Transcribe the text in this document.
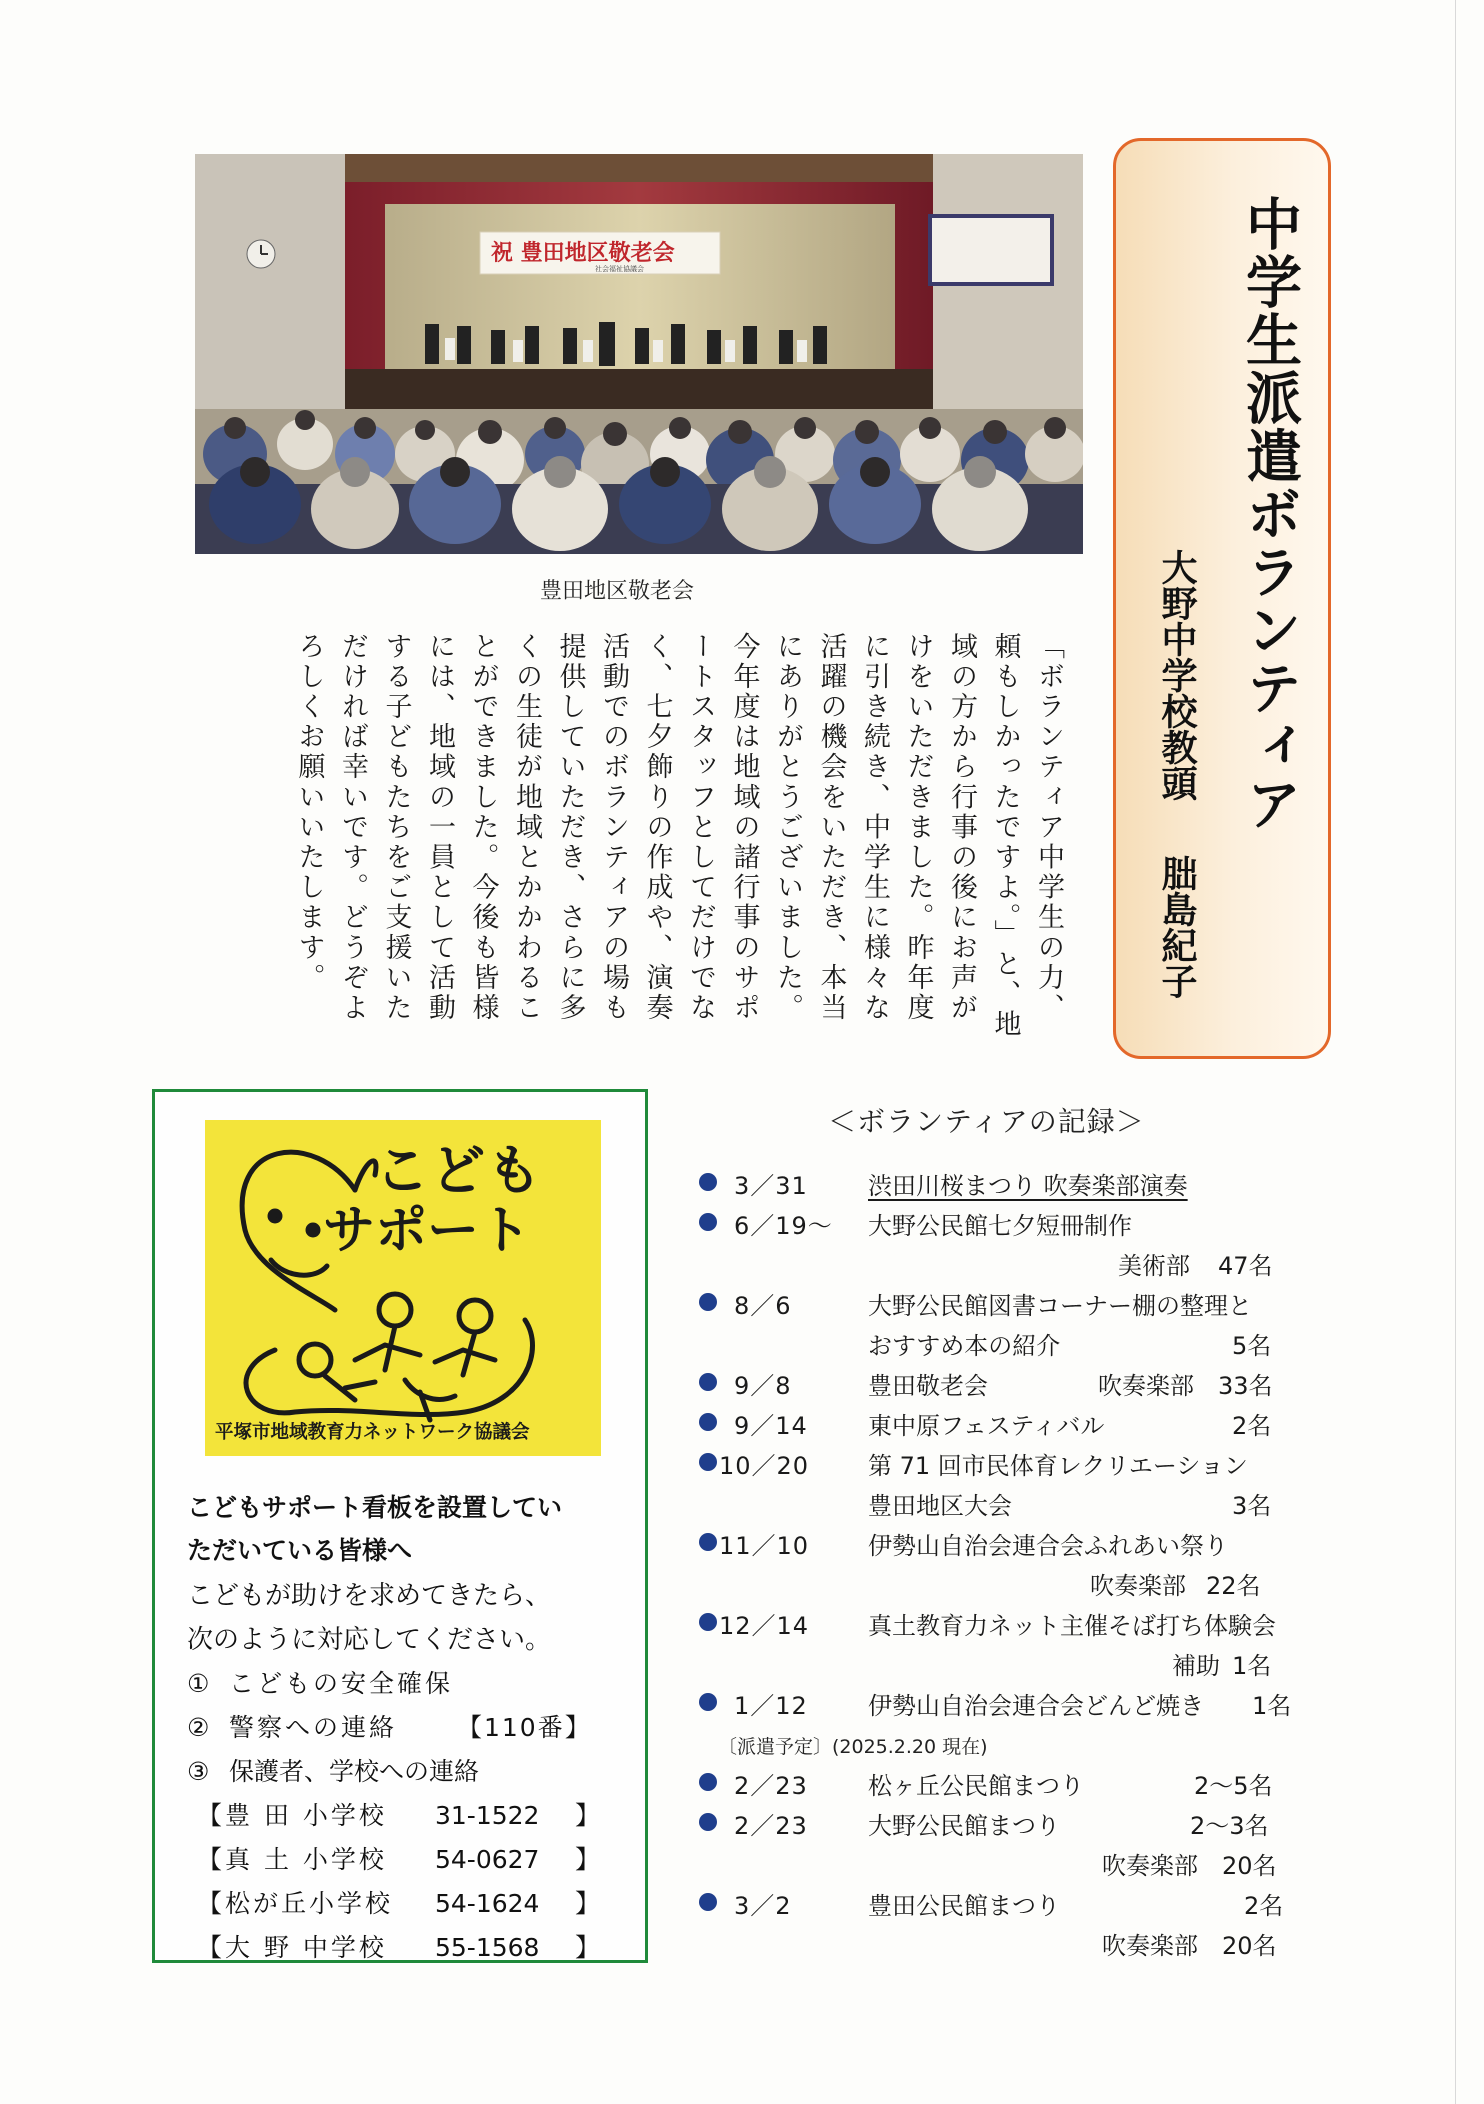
中学生派遣ボランティア
大野中学校教頭朏島紀子
祝 豊田地区敬老会
社会福祉協議会
豊田地区敬老会
「ボランティア中学生の力、頼もしかったですよ。」と、地域の方から行事の後にお声がけをいただきました。昨年度に引き続き、中学生に様々な活躍の機会をいただき、本当にありがとうございました。今年度は地域の諸行事のサポートスタッフとしてだけでなく、七夕飾りの作成や、演奏活動でのボランティアの場も提供していただき、さらに多くの生徒が地域とかかわることができました。今後も皆様には、地域の一員として活動する子どもたちをご支援いただければ幸いです。どうぞよろしくお願いいたします。
こども
サポート
平塚市地域教育力ネットワーク協議会
こどもサポート看板を設置してい
ただいている皆様へ
こどもが助けを求めてきたら、
次のように対応してください。
① こどもの安全確保
② 警察への連絡	【110番】
③ 保護者、学校への連絡
【豊 田 小学校	31-1522	】
【真 土 小学校	54-0627	】
【松が丘小学校	54-1624	】
【大 野 中学校	55-1568	】
＜ボランティアの記録＞
3／31	渋田川桜まつり 吹奏楽部演奏
6／19～ 大野公民館七夕短冊制作
美術部 47名
8／6	大野公民館図書コーナー棚の整理と
おすすめ本の紹介	5名
9／8	豊田敬老会	吹奏楽部 33名
9／14	東中原フェスティバル	2名
10／20 第 71 回市民体育レクリエーション
豊田地区大会	3名
11／10 伊勢山自治会連合会ふれあい祭り
吹奏楽部 22名
12／14 真土教育力ネット主催そば打ち体験会
補助 1名
1／12	伊勢山自治会連合会どんど焼き 1名
〔派遣予定〕(2025.2.20 現在)
2／23	松ヶ丘公民館まつり	2～5名
2／23	大野公民館まつり	2～3名
吹奏楽部 20名
3／2	豊田公民館まつり	2名
吹奏楽部 20名
